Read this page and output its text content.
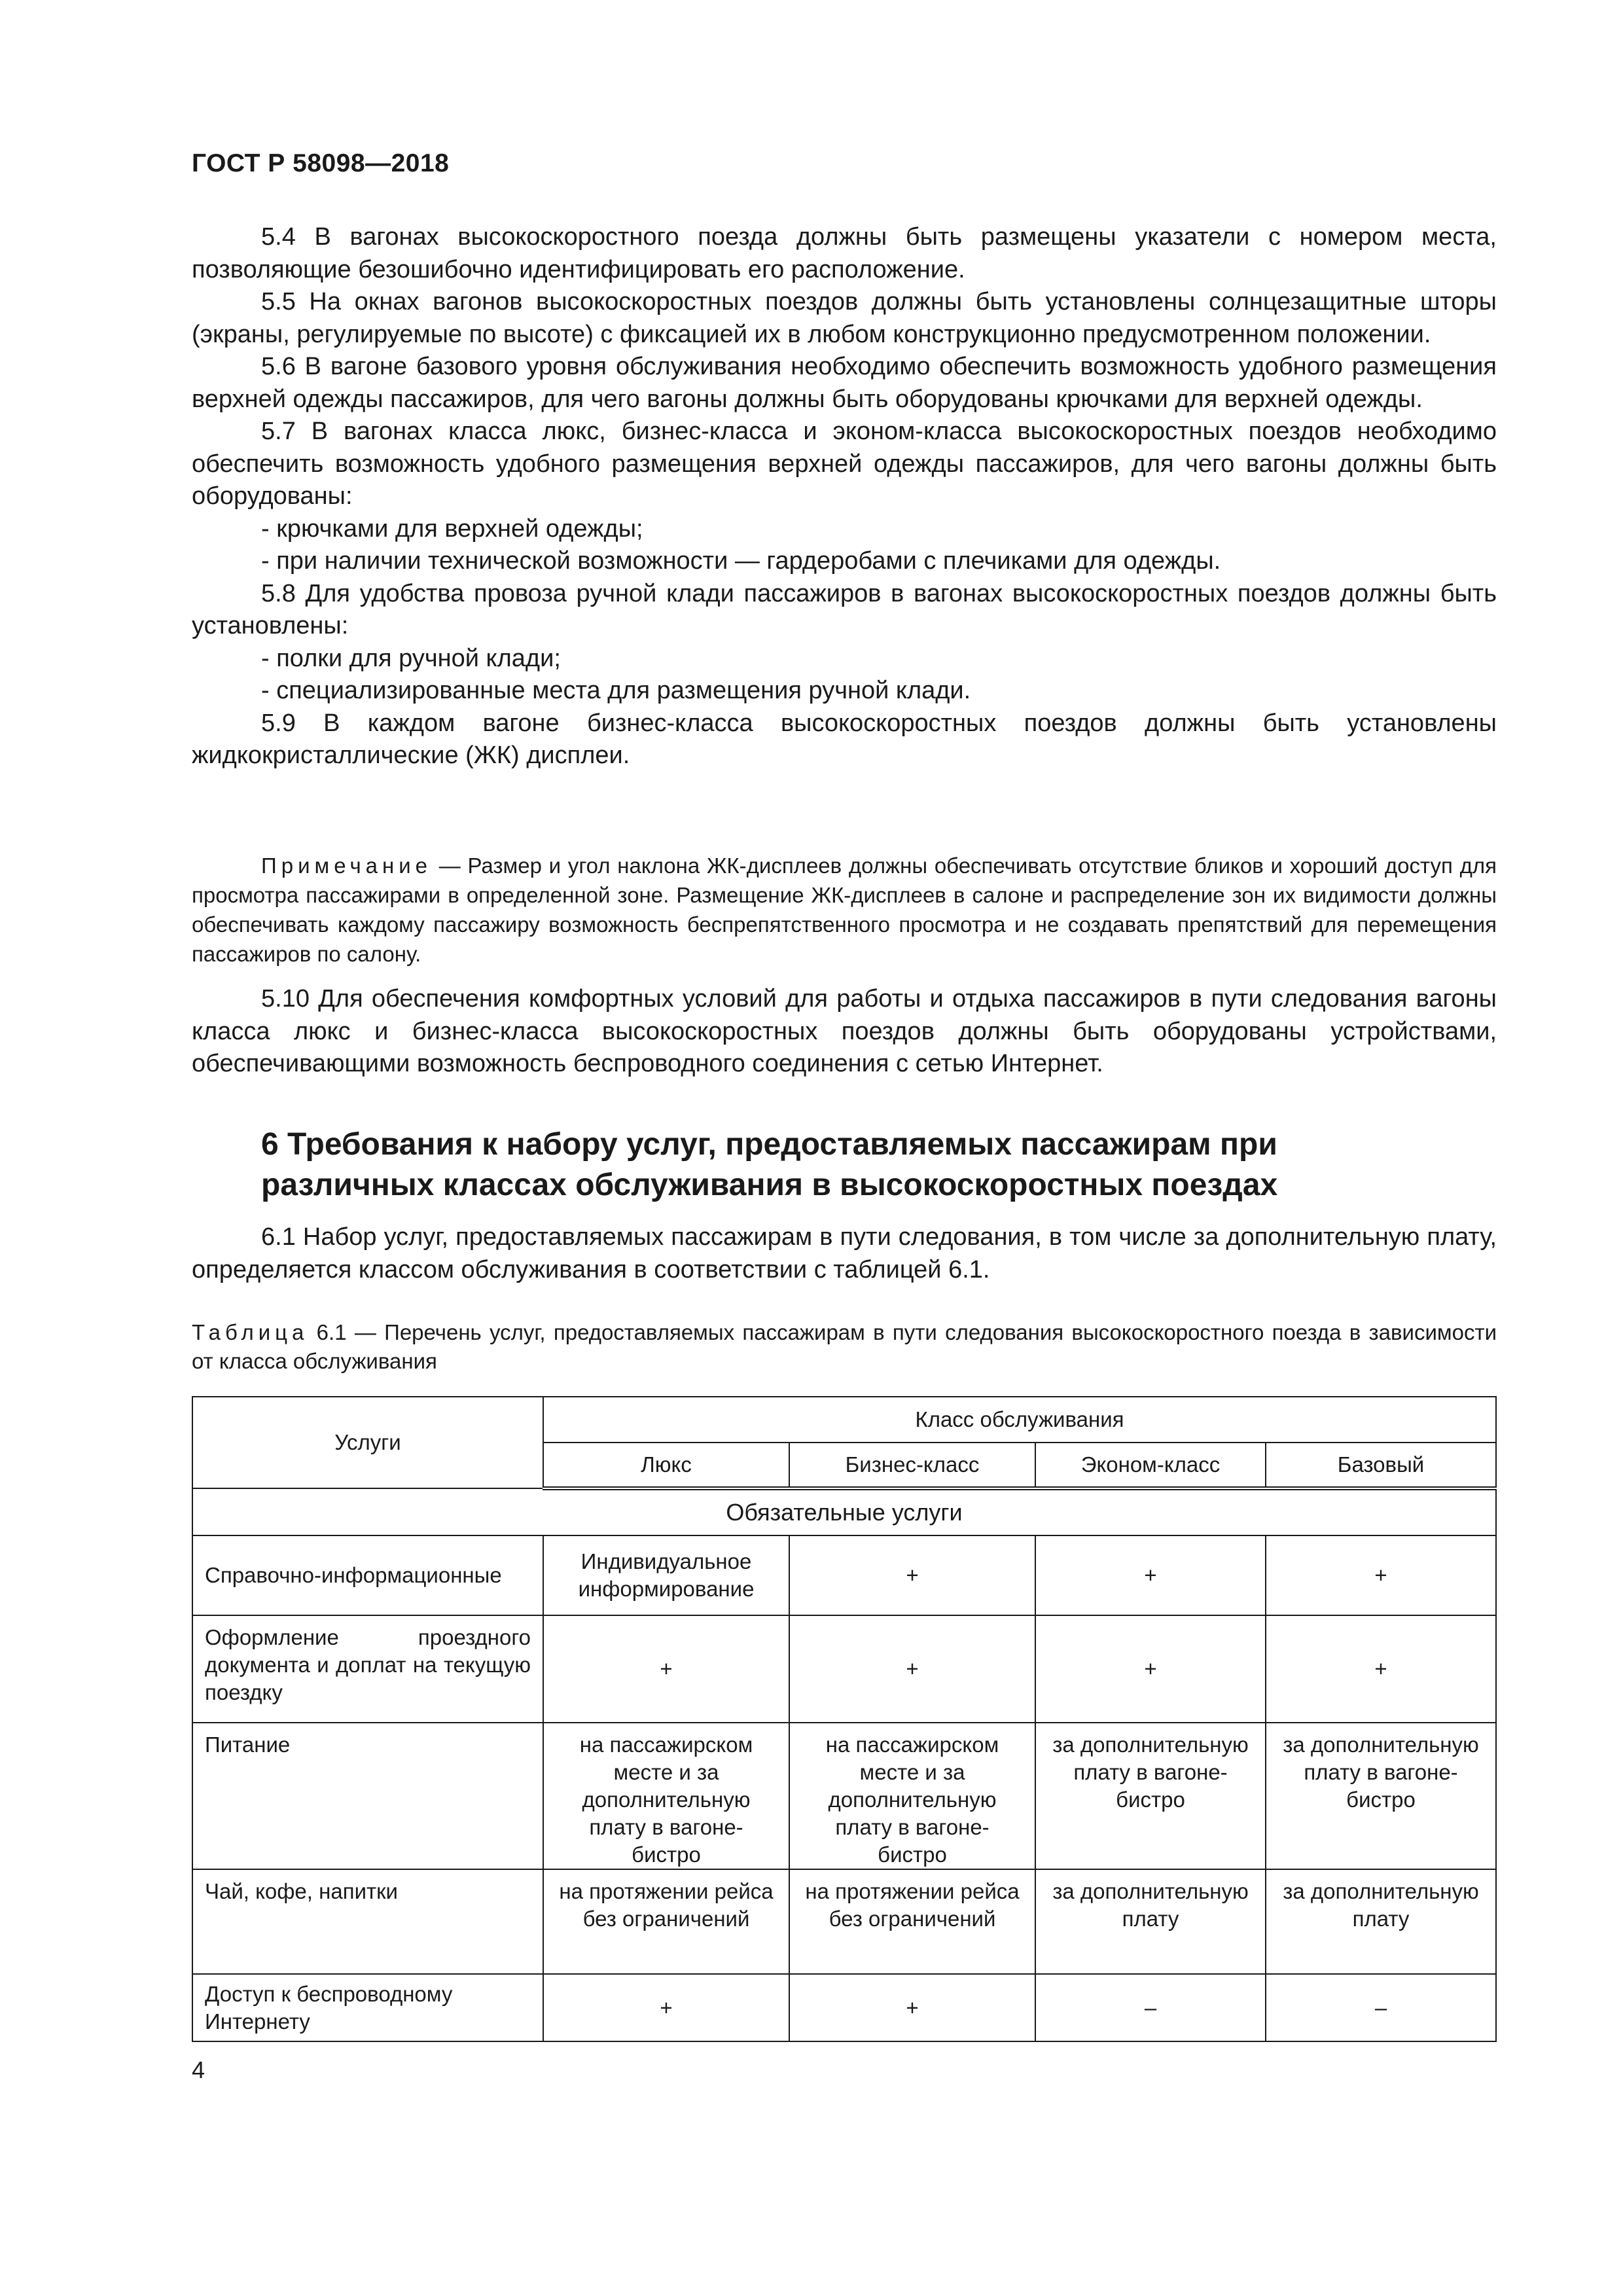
ГОСТ Р 58098—2018

5.4 В вагонах высокоскоростного поезда должны быть размещены указатели с номером места, позволяющие безошибочно идентифицировать его расположение.

5.5 На окнах вагонов высокоскоростных поездов должны быть установлены солнцезащитные шторы (экраны, регулируемые по высоте) с фиксацией их в любом конструкционно предусмотренном положении.

5.6 В вагоне базового уровня обслуживания необходимо обеспечить возможность удобного размещения верхней одежды пассажиров, для чего вагоны должны быть оборудованы крючками для верхней одежды.

5.7 В вагонах класса люкс, бизнес-класса и эконом-класса высокоскоростных поездов необходимо обеспечить возможность удобного размещения верхней одежды пассажиров, для чего вагоны должны быть оборудованы:

- крючками для верхней одежды;

- при наличии технической возможности — гардеробами с плечиками для одежды.

5.8 Для удобства провоза ручной клади пассажиров в вагонах высокоскоростных поездов должны быть установлены:

- полки для ручной клади;

- специализированные места для размещения ручной клади.

5.9 В каждом вагоне бизнес-класса высокоскоростных поездов должны быть установлены жидкокристаллические (ЖК) дисплеи.

Примечание — Размер и угол наклона ЖК-дисплеев должны обеспечивать отсутствие бликов и хороший доступ для просмотра пассажирами в определенной зоне. Размещение ЖК-дисплеев в салоне и распределение зон их видимости должны обеспечивать каждому пассажиру возможность беспрепятственного просмотра и не создавать препятствий для перемещения пассажиров по салону.

5.10 Для обеспечения комфортных условий для работы и отдыха пассажиров в пути следования вагоны класса люкс и бизнес-класса высокоскоростных поездов должны быть оборудованы устройствами, обеспечивающими возможность беспроводного соединения с сетью Интернет.

6 Требования к набору услуг, предоставляемых пассажирам при
различных классах обслуживания в высокоскоростных поездах

6.1 Набор услуг, предоставляемых пассажирам в пути следования, в том числе за дополнительную плату, определяется классом обслуживания в соответствии с таблицей 6.1.

Таблица 6.1 — Перечень услуг, предоставляемых пассажирам в пути следования высокоскоростного поезда в зависимости от класса обслуживания
Услуги	Класс обслуживания			
	Люкс	Бизнес-класс	Эконом-класс	Базовый
Обязательные услуги				
Справочно-информационные	Индивидуальное информирование	+	+	+
Оформление проездного документа и доплат на текущую поездку	+	+	+	+
Питание	на пассажирском месте и за дополнительную плату в вагоне-бистро	на пассажирском месте и за дополнительную плату в вагоне-бистро	за дополнительную плату в вагоне-бистро	за дополнительную плату в вагоне-бистро
Чай, кофе, напитки	на протяжении рейса без ограничений	на протяжении рейса без ограничений	за дополнительную плату	за дополнительную плату
Доступ к беспроводному Интернету	+	+	–	–
4
